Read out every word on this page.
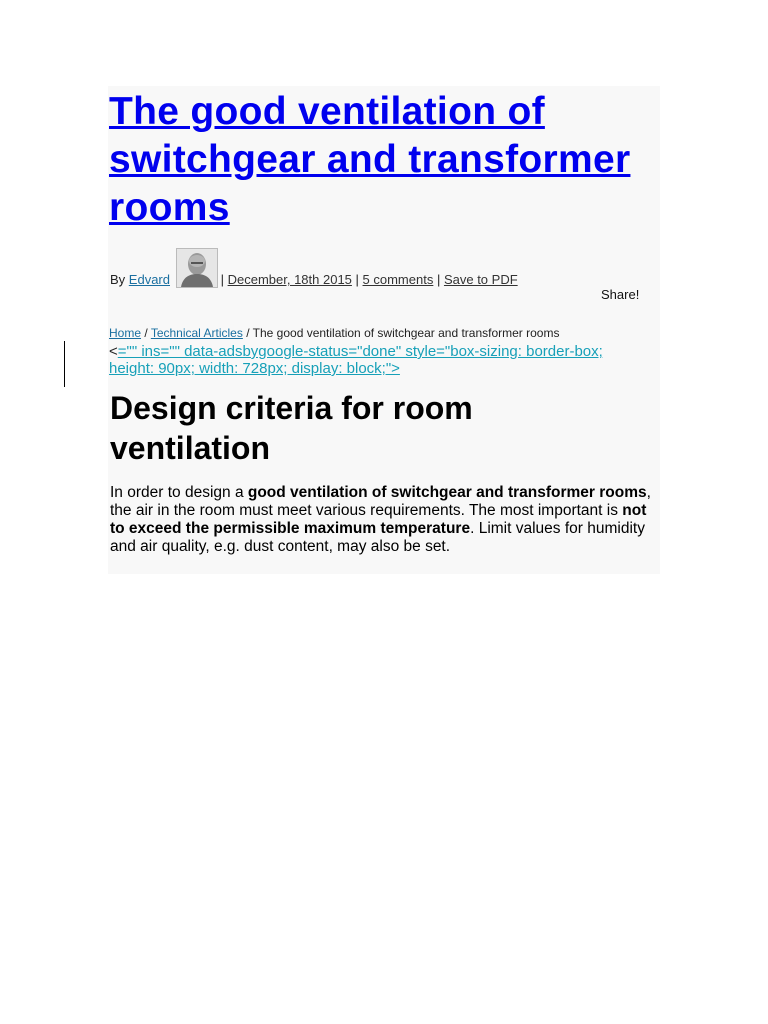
The good ventilation of switchgear and transformer rooms
By Edvard	| December, 18th 2015 | 5 comments | Save to PDF
Share!
Home / Technical Articles / The good ventilation of switchgear and transformer rooms
<="" ins="" data-adsbygoogle-status="done" style="box-sizing: border-box; height: 90px; width: 728px; display: block;">
Design criteria for room ventilation

In order to design a good ventilation of switchgear and transformer rooms, the air in the room must meet various requirements. The most important is not to exceed the permissible maximum temperature. Limit values for humidity and air quality, e.g. dust content, may also be set.
